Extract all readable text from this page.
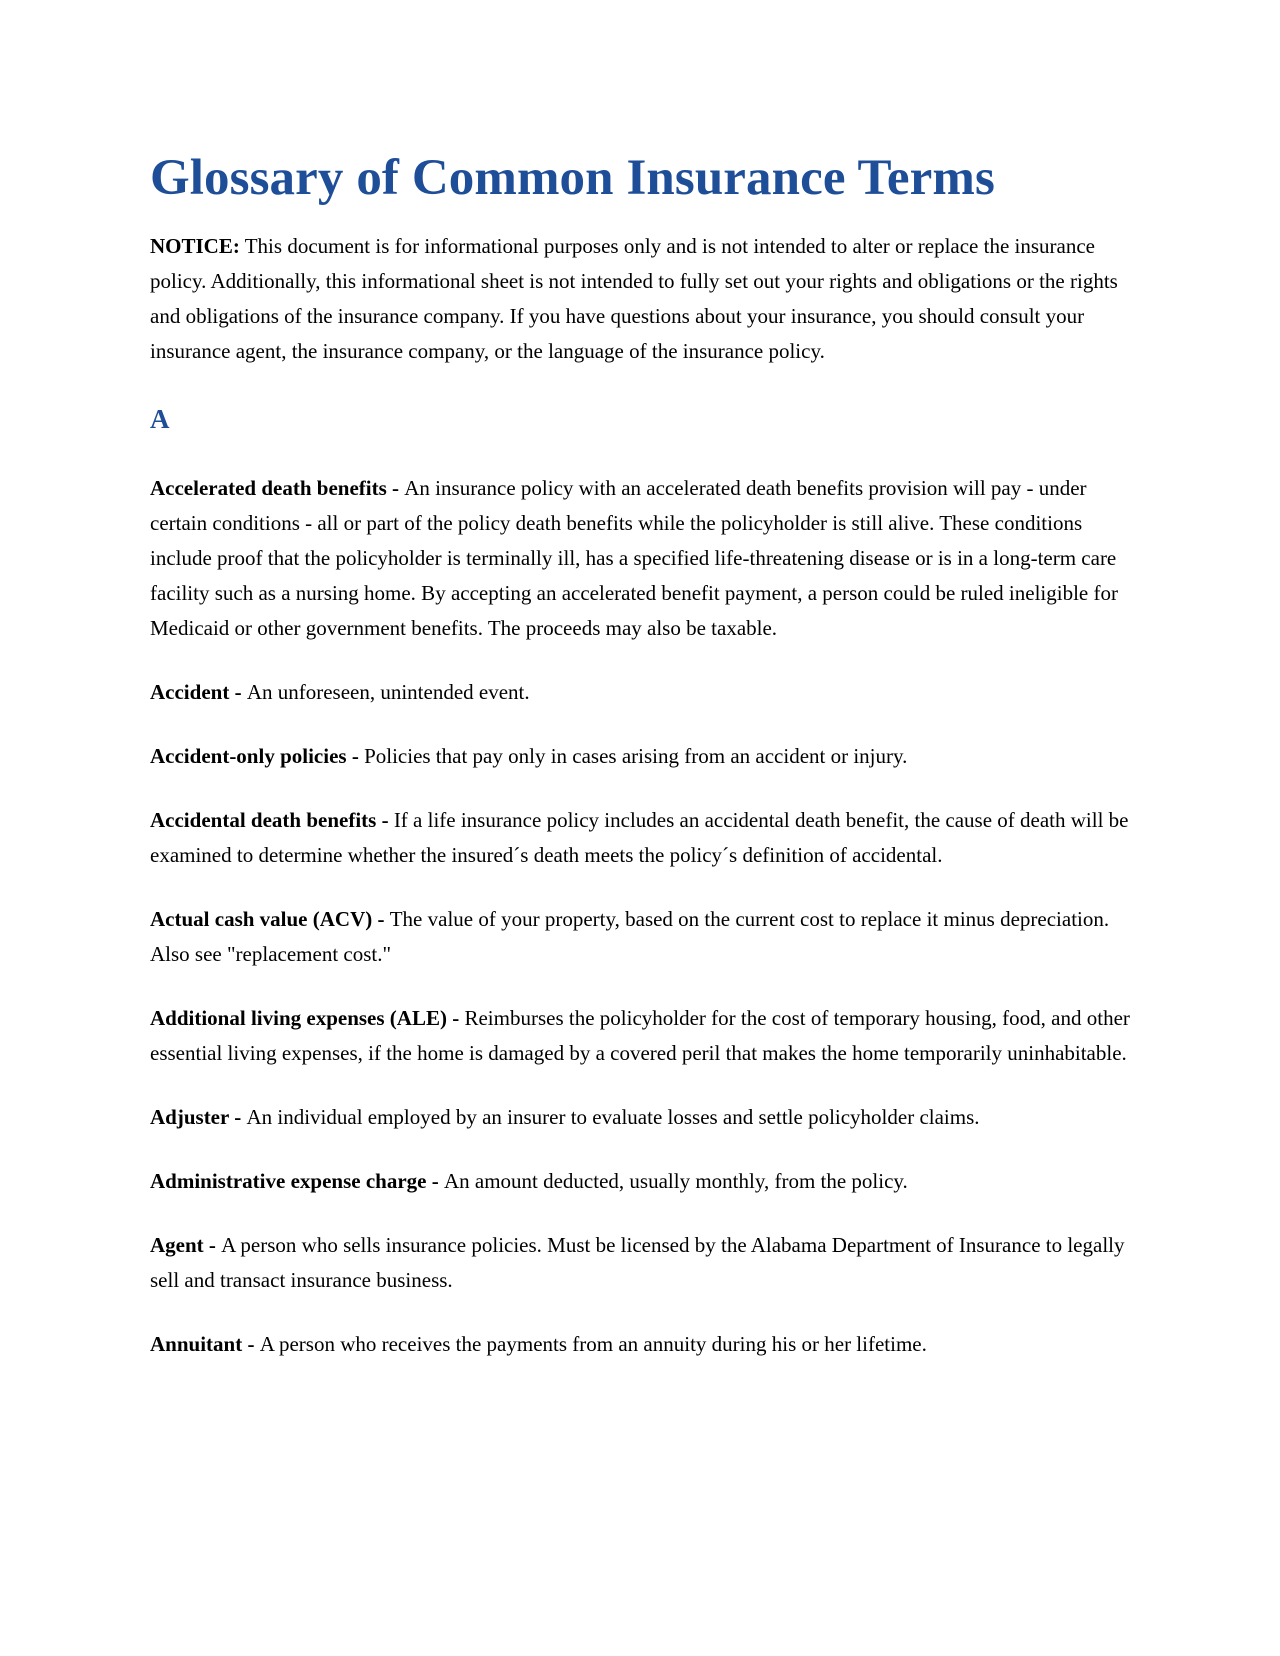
Glossary of Common Insurance Terms

NOTICE: This document is for informational purposes only and is not intended to alter or replace the insurance policy. Additionally, this informational sheet is not intended to fully set out your rights and obligations or the rights and obligations of the insurance company. If you have questions about your insurance, you should consult your insurance agent, the insurance company, or the language of the insurance policy.

A

Accelerated death benefits - An insurance policy with an accelerated death benefits provision will pay - under certain conditions - all or part of the policy death benefits while the policyholder is still alive. These conditions include proof that the policyholder is terminally ill, has a specified life-threatening disease or is in a long-term care facility such as a nursing home. By accepting an accelerated benefit payment, a person could be ruled ineligible for Medicaid or other government benefits. The proceeds may also be taxable.

Accident - An unforeseen, unintended event.

Accident-only policies - Policies that pay only in cases arising from an accident or injury.

Accidental death benefits - If a life insurance policy includes an accidental death benefit, the cause of death will be examined to determine whether the insured´s death meets the policy´s definition of accidental.

Actual cash value (ACV) - The value of your property, based on the current cost to replace it minus depreciation. Also see "replacement cost."

Additional living expenses (ALE) - Reimburses the policyholder for the cost of temporary housing, food, and other essential living expenses, if the home is damaged by a covered peril that makes the home temporarily uninhabitable.

Adjuster - An individual employed by an insurer to evaluate losses and settle policyholder claims.

Administrative expense charge - An amount deducted, usually monthly, from the policy.

Agent - A person who sells insurance policies. Must be licensed by the Alabama Department of Insurance to legally sell and transact insurance business.

Annuitant - A person who receives the payments from an annuity during his or her lifetime.
